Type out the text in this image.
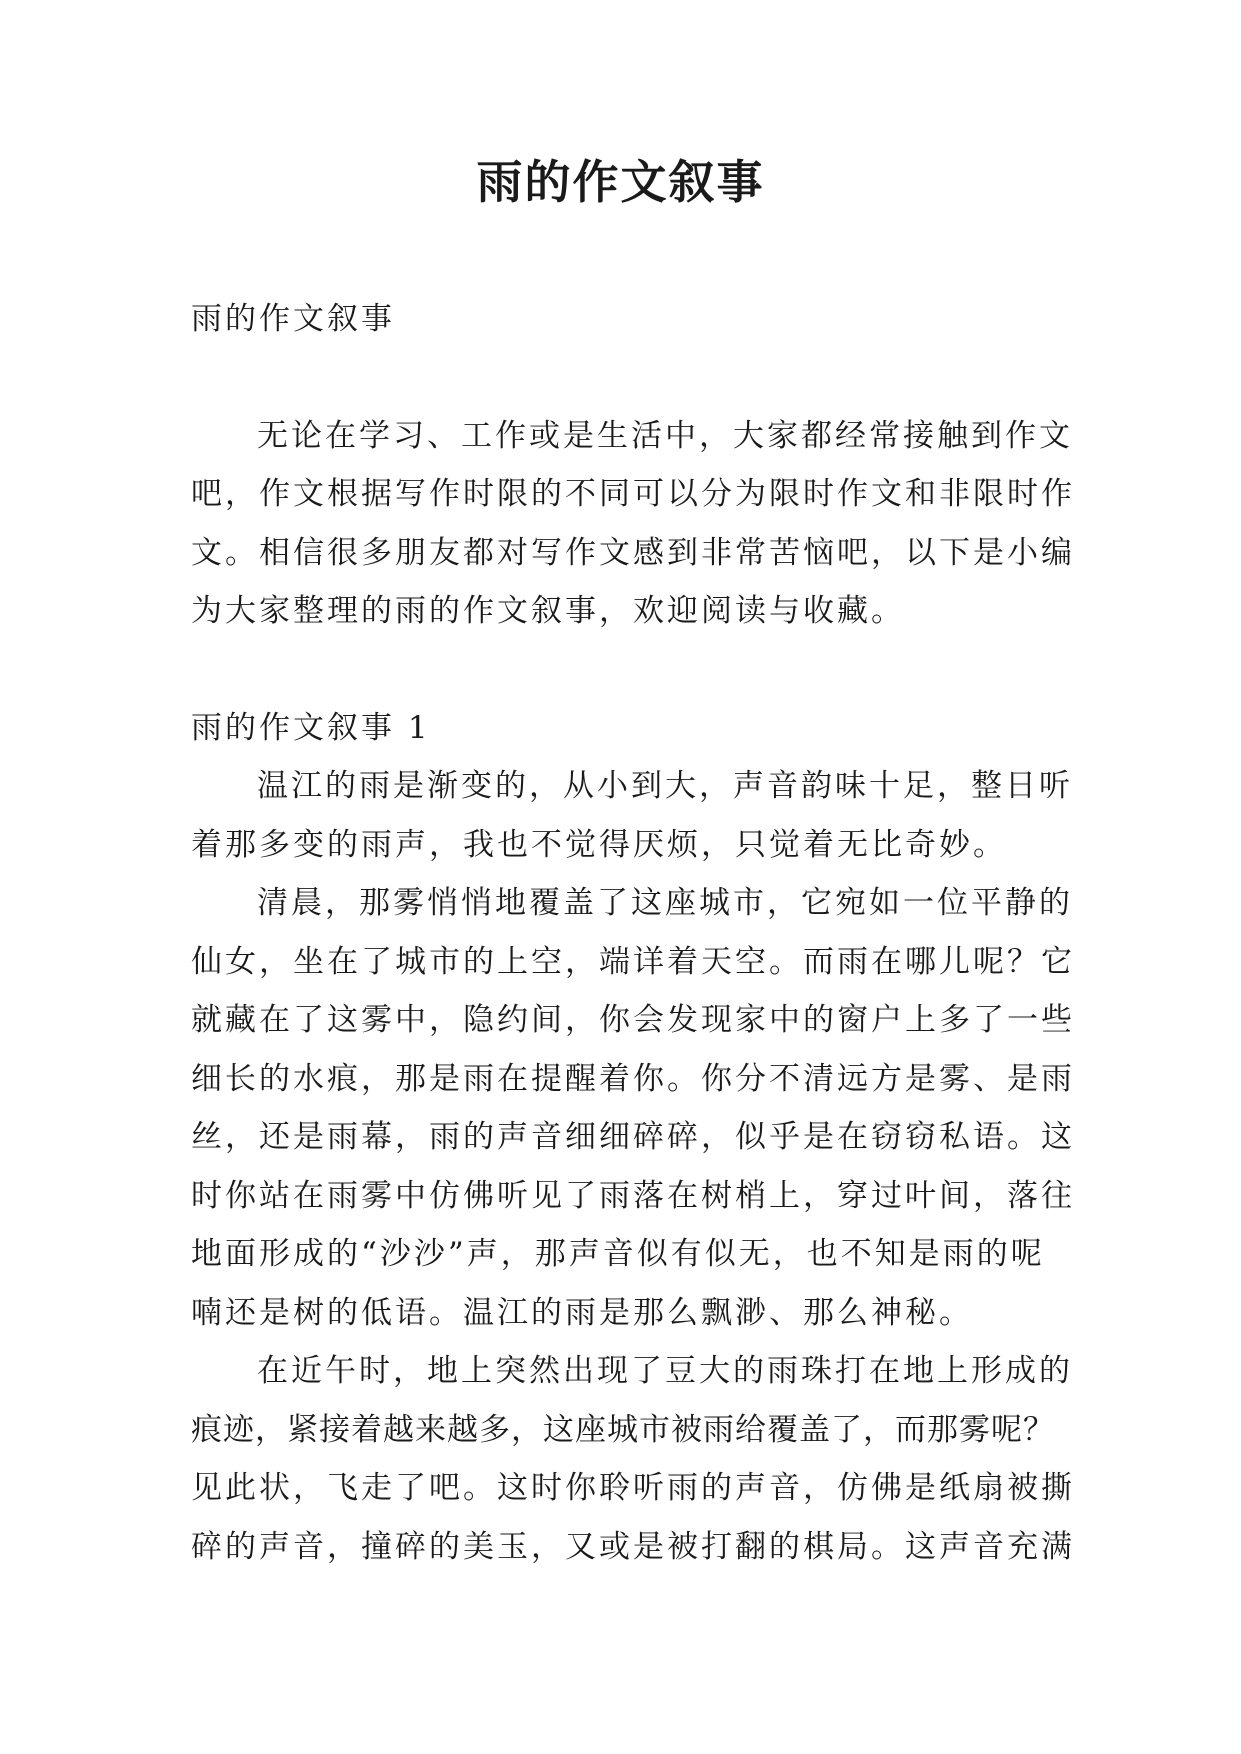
雨的作文叙事

雨的作文叙事

无论在学习、工作或是生活中，大家都经常接触到作文

吧，作文根据写作时限的不同可以分为限时作文和非限时作

文。相信很多朋友都对写作文感到非常苦恼吧，以下是小编

为大家整理的雨的作文叙事，欢迎阅读与收藏。

雨的作文叙事 1

温江的雨是渐变的，从小到大，声音韵味十足，整日听

着那多变的雨声，我也不觉得厌烦，只觉着无比奇妙。

清晨，那雾悄悄地覆盖了这座城市，它宛如一位平静的

仙女，坐在了城市的上空，端详着天空。而雨在哪儿呢？它

就藏在了这雾中，隐约间，你会发现家中的窗户上多了一些

细长的水痕，那是雨在提醒着你。你分不清远方是雾、是雨

丝，还是雨幕，雨的声音细细碎碎，似乎是在窃窃私语。这

时你站在雨雾中仿佛听见了雨落在树梢上，穿过叶间，落往

地面形成的“沙沙”声，那声音似有似无，也不知是雨的呢

喃还是树的低语。温江的雨是那么飘渺、那么神秘。

在近午时，地上突然出现了豆大的雨珠打在地上形成的

痕迹，紧接着越来越多，这座城市被雨给覆盖了，而那雾呢？

见此状，飞走了吧。这时你聆听雨的声音，仿佛是纸扇被撕

碎的声音，撞碎的美玉，又或是被打翻的棋局。这声音充满
